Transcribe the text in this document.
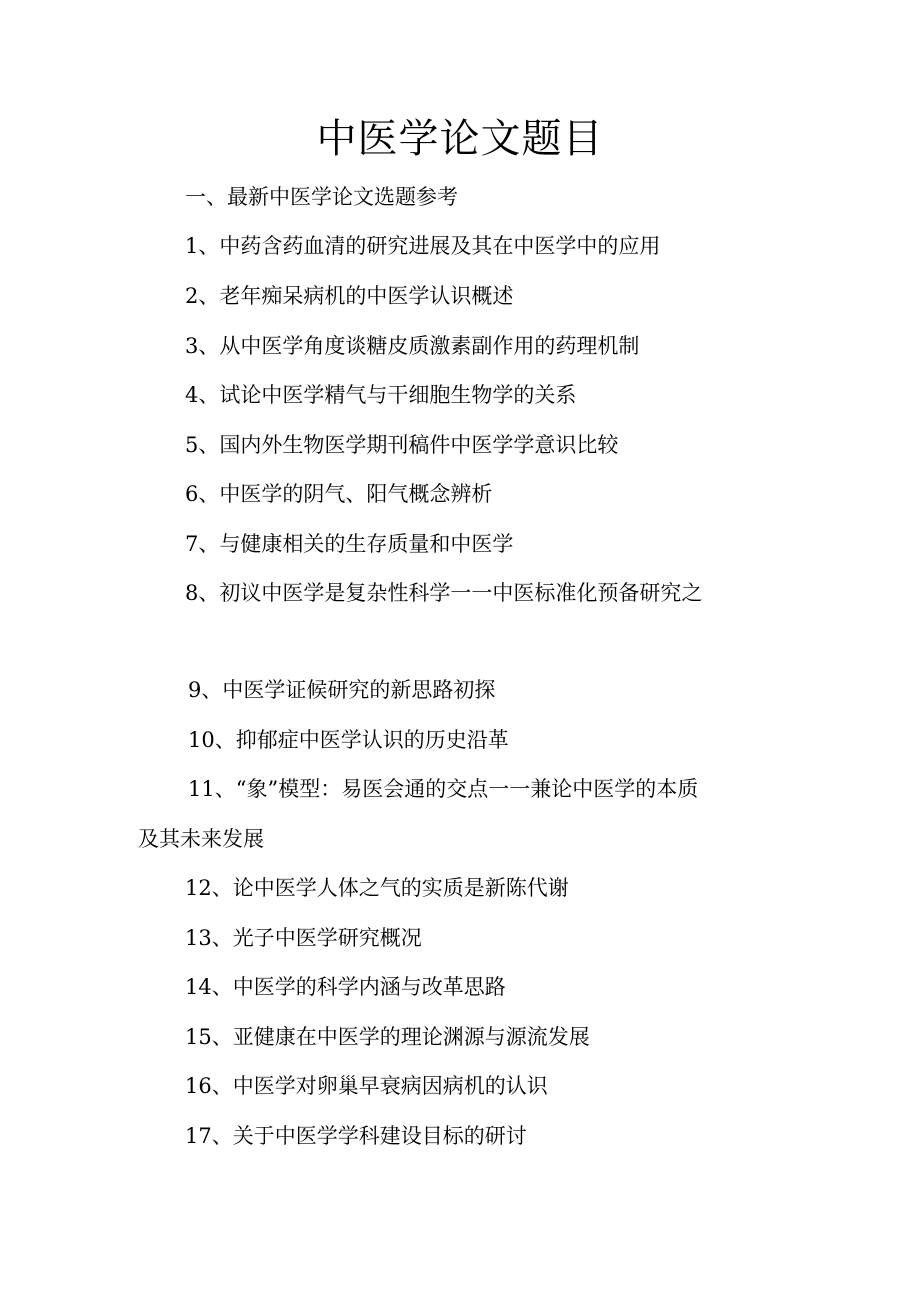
中医学论文题目

一、最新中医学论文选题参考

1、中药含药血清的研究进展及其在中医学中的应用

2、老年痴呆病机的中医学认识概述

3、从中医学角度谈糖皮质激素副作用的药理机制

4、试论中医学精气与干细胞生物学的关系

5、国内外生物医学期刊稿件中医学学意识比较

6、中医学的阴气、阳气概念辨析

7、与健康相关的生存质量和中医学

8、初议中医学是复杂性科学一一中医标准化预备研究之

9、中医学证候研究的新思路初探

10、抑郁症中医学认识的历史沿革

11、“象”模型：易医会通的交点一一兼论中医学的本质

及其未来发展

12、论中医学人体之气的实质是新陈代谢

13、光子中医学研究概况

14、中医学的科学内涵与改革思路

15、亚健康在中医学的理论渊源与源流发展

16、中医学对卵巢早衰病因病机的认识

17、关于中医学学科建设目标的研讨
